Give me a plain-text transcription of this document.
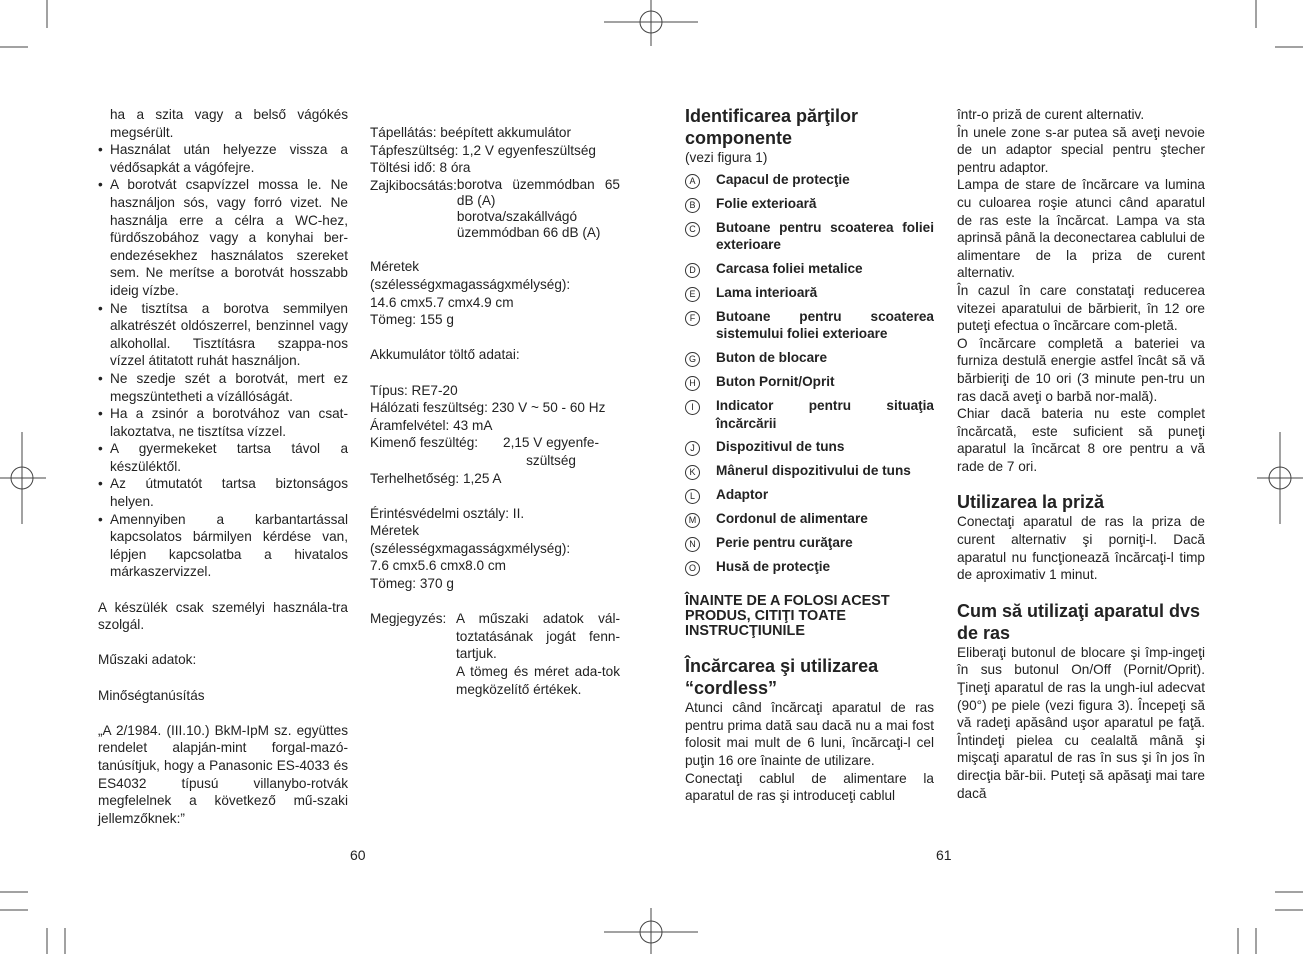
ha a szita vagy a belső vágókés megsérült.

• Használat után helyezze vissza a védősapkát a vágófejre.
• A borotvát csapvízzel mossa le. Ne használjon sós, vagy forró vizet. Ne használja erre a célra a WC-hez, fürdőszobához vagy a konyhai ber-endezésekhez használatos szereket sem. Ne merítse a borotvát hosszabb ideig vízbe.
• Ne tisztítsa a borotva semmilyen alkatrészét oldószerrel, benzinnel vagy alkohollal. Tisztításra szappa-nos vízzel átitatott ruhát használjon.
• Ne szedje szét a borotvát, mert ez megszüntetheti a vízállóságát.
• Ha a zsinór a borotvához van csat-lakoztatva, ne tisztítsa vízzel.
• A gyermekeket tartsa távol a készüléktől.
• Az útmutatót tartsa biztonságos helyen.
• Amennyiben a karbantartással kapcsolatos bármilyen kérdése van, lépjen kapcsolatba a hivatalos márkaszervizzel.

A készülék csak személyi használa-tra szolgál.

Műszaki adatok:

Minőségtanúsítás

„A 2/1984. (III.10.) BkM-IpM sz. együttes rendelet alapján-mint forgal-mazó-tanúsítjuk, hogy a Panasonic ES-4033 és ES4032 típusú villanybo-rotvák megfelelnek a következő mű-szaki jellemzőknek:”

Tápellátás: beépített akkumulátor

Tápfeszültség: 1,2 V egyenfeszültség

Töltési idő: 8 óra

Zajkibocsátás: borotva üzemmódban 65 dB (A)

borotva/szakállvágó üzemmódban 66 dB (A)

Méretek (szélességxmagasságxmélység):

14.6 cmx5.7 cmx4.9 cm

Tömeg: 155 g

Akkumulátor töltő adatai:

Típus: RE7-20

Hálózati feszültség: 230 V ~ 50 - 60 Hz

Áramfelvétel: 43 mA

Kimenő feszültég:	2,15 V egyenfe-szültség

Terhelhetőség: 1,25 A

Érintésvédelmi osztály: II.

Méretek (szélességxmagasságxmélység):

7.6 cmx5.6 cmx8.0 cm

Tömeg: 370 g

Megjegyzés: A műszaki adatok vál-toztatásának jogát fenn-tartjuk.

A tömeg és méret ada-tok megközelítő értékek.

60
Identificarea părţilor componente

(vezi figura 1)

A	Capacul de protecţie
B	Folie exterioară
C	Butoane pentru scoaterea foliei exterioare
D	Carcasa foliei metalice
E	Lama interioară
F	Butoane pentru scoaterea sistemului foliei exterioare
G	Buton de blocare
H	Buton Pornit/Oprit
I	Indicator pentru situaţia încărcării
J	Dispozitivul de tuns
K	Mânerul dispozitivului de tuns
L	Adaptor
M	Cordonul de alimentare
N	Perie pentru curăţare
O	Husă de protecţie
ÎNAINTE DE A FOLOSI ACEST PRODUS, CITIŢI TOATE INSTRUCŢIUNILE
Încărcarea şi utilizarea “cordless”

Atunci când încărcaţi aparatul de ras pentru prima dată sau dacă nu a mai fost folosit mai mult de 6 luni, încărcaţi-l cel puţin 16 ore înainte de utilizare.

Conectaţi cablul de alimentare la aparatul de ras şi introduceţi cablul

într-o priză de curent alternativ.

În unele zone s-ar putea să aveţi nevoie de un adaptor special pentru ştecher pentru adaptor.

Lampa de stare de încărcare va lumina cu culoarea roşie atunci când aparatul de ras este la încărcat. Lampa va sta aprinsă până la deconectarea cablului de alimentare de la priza de curent alternativ.

În cazul în care constataţi reducerea vitezei aparatului de bărbierit, în 12 ore puteţi efectua o încărcare com-pletă.

O încărcare completă a bateriei va furniza destulă energie astfel încât să vă bărbieriţi de 10 ori (3 minute pen-tru un ras dacă aveţi o barbă nor-mală).

Chiar dacă bateria nu este complet încărcată, este suficient să puneţi aparatul la încărcat 8 ore pentru a vă rade de 7 ori.

Utilizarea la priză

Conectaţi aparatul de ras la priza de curent alternativ şi porniţi-l. Dacă aparatul nu funcţionează încărcaţi-l timp de aproximativ 1 minut.

Cum să utilizaţi aparatul dvs de ras

Eliberaţi butonul de blocare şi împ-ingeţi în sus butonul On/Off (Pornit/Oprit). Ţineţi aparatul de ras la ungh-iul adecvat (90°) pe piele (vezi figura 3). Începeţi să vă radeţi apăsând uşor aparatul pe faţă. Întindeţi pielea cu cealaltă mână şi mişcaţi aparatul de ras în sus şi în jos în direcţia băr-bii. Puteţi să apăsaţi mai tare dacă

61
